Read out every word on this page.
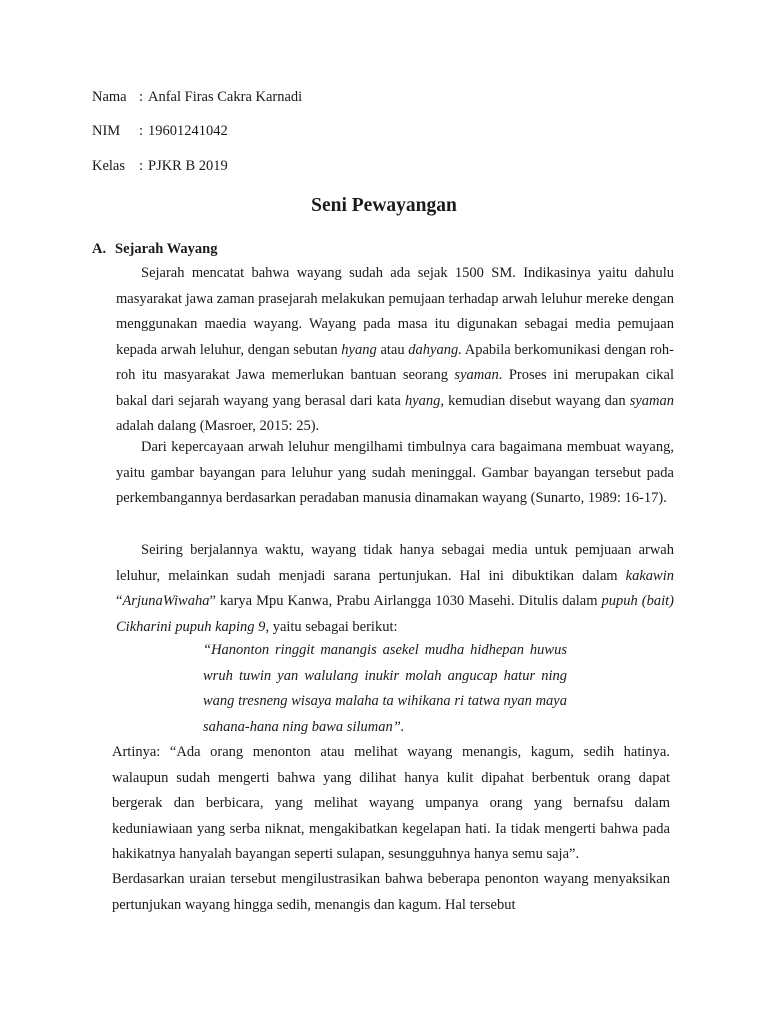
Nama : Anfal Firas Cakra Karnadi
NIM : 19601241042
Kelas : PJKR B 2019
Seni Pewayangan
A. Sejarah Wayang

Sejarah mencatat bahwa wayang sudah ada sejak 1500 SM. Indikasinya yaitu dahulu masyarakat jawa zaman prasejarah melakukan pemujaan terhadap arwah leluhur mereke dengan menggunakan maedia wayang. Wayang pada masa itu digunakan sebagai media pemujaan kepada arwah leluhur, dengan sebutan hyang atau dahyang. Apabila berkomunikasi dengan roh-roh itu masyarakat Jawa memerlukan bantuan seorang syaman. Proses ini merupakan cikal bakal dari sejarah wayang yang berasal dari kata hyang, kemudian disebut wayang dan syaman adalah dalang (Masroer, 2015: 25).

Dari kepercayaan arwah leluhur mengilhami timbulnya cara bagaimana membuat wayang, yaitu gambar bayangan para leluhur yang sudah meninggal. Gambar bayangan tersebut pada perkembangannya berdasarkan peradaban manusia dinamakan wayang (Sunarto, 1989: 16-17).

Seiring berjalannya waktu, wayang tidak hanya sebagai media untuk pemjuaan arwah leluhur, melainkan sudah menjadi sarana pertunjukan. Hal ini dibuktikan dalam kakawin “ArjunaWiwaha” karya Mpu Kanwa, Prabu Airlangga 1030 Masehi. Ditulis dalam pupuh (bait) Cikharini pupuh kaping 9, yaitu sebagai berikut:

“Hanonton ringgit manangis asekel mudha hidhepan huwus wruh tuwin yan walulang inukir molah angucap hatur ning wang tresneng wisaya malaha ta wihikana ri tatwa nyan maya sahana-hana ning bawa siluman”.

Artinya: “Ada orang menonton atau melihat wayang menangis, kagum, sedih hatinya. walaupun sudah mengerti bahwa yang dilihat hanya kulit dipahat berbentuk orang dapat bergerak dan berbicara, yang melihat wayang umpanya orang yang bernafsu dalam keduniawiaan yang serba niknat, mengakibatkan kegelapan hati. Ia tidak mengerti bahwa pada hakikatnya hanyalah bayangan seperti sulapan, sesungguhnya hanya semu saja”.

Berdasarkan uraian tersebut mengilustrasikan bahwa beberapa penonton wayang menyaksikan pertunjukan wayang hingga sedih, menangis dan kagum. Hal tersebut
